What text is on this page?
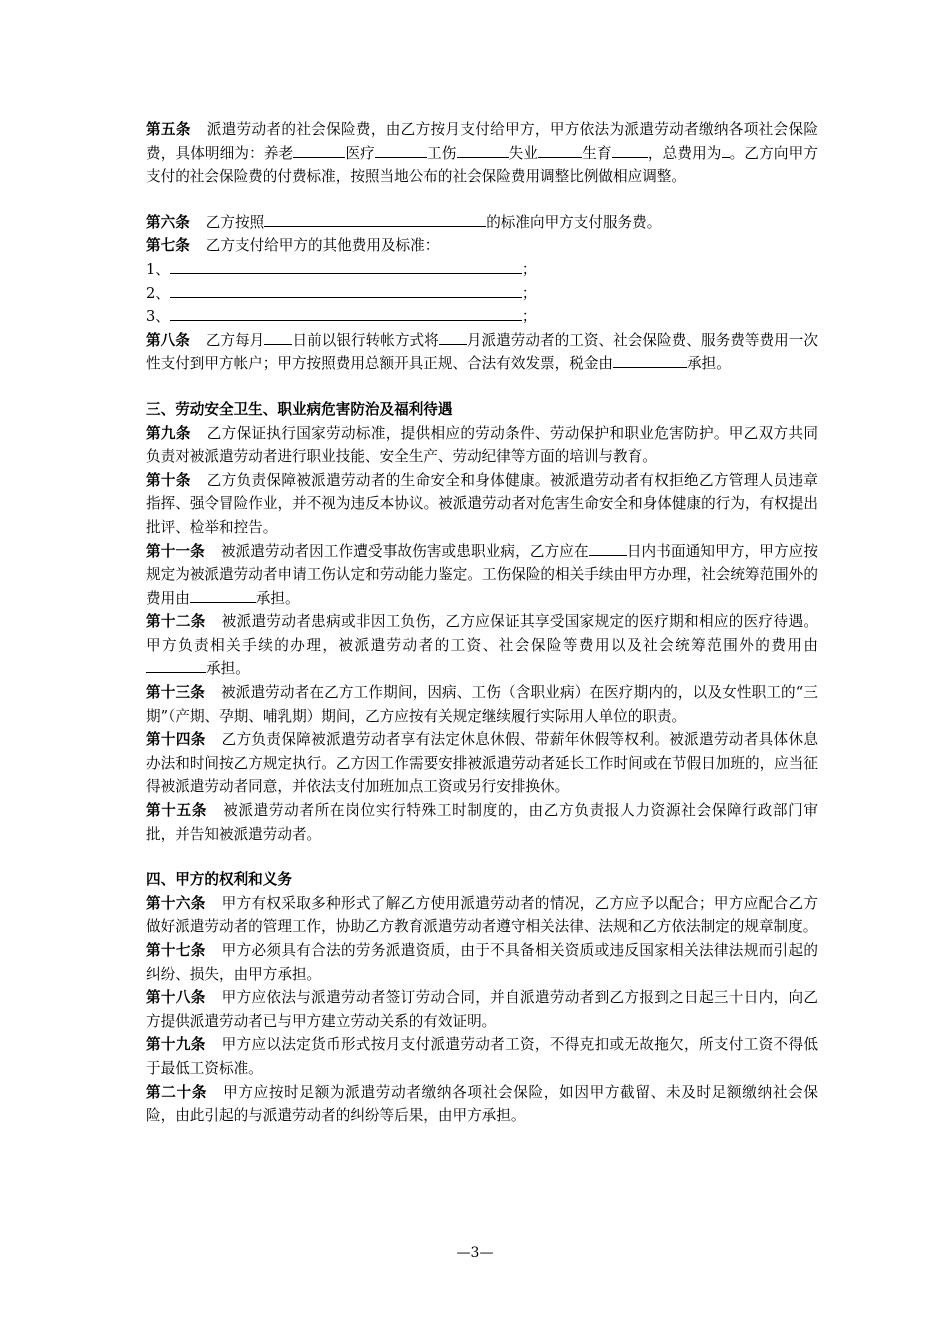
第五条 派遣劳动者的社会保险费，由乙方按月支付给甲方，甲方依法为派遣劳动者缴纳各项社会保险费，具体明细为：养老	医疗	工伤	失业	生育 ，总费用为 。乙方向甲方支付的社会保险费的付费标准，按照当地公布的社会保险费用调整比例做相应调整。

第六条 乙方按照	的标准向甲方支付服务费。

第七条 乙方支付给甲方的其他费用及标准：

1、	；

2、	；

3、	；

第八条 乙方每月 日前以银行转帐方式将 月派遣劳动者的工资、社会保险费、服务费等费用一次性支付到甲方帐户；甲方按照费用总额开具正规、合法有效发票，税金由	承担。

三、劳动安全卫生、职业病危害防治及福利待遇

第九条 乙方保证执行国家劳动标准，提供相应的劳动条件、劳动保护和职业危害防护。甲乙双方共同负责对被派遣劳动者进行职业技能、安全生产、劳动纪律等方面的培训与教育。

第十条 乙方负责保障被派遣劳动者的生命安全和身体健康。被派遣劳动者有权拒绝乙方管理人员违章指挥、强令冒险作业，并不视为违反本协议。被派遣劳动者对危害生命安全和身体健康的行为，有权提出批评、检举和控告。

第十一条 被派遣劳动者因工作遭受事故伤害或患职业病，乙方应在	日内书面通知甲方，甲方应按规定为被派遣劳动者申请工伤认定和劳动能力鉴定。工伤保险的相关手续由甲方办理，社会统筹范围外的费用由	承担。

第十二条 被派遣劳动者患病或非因工负伤，乙方应保证其享受国家规定的医疗期和相应的医疗待遇。甲方负责相关手续的办理，被派遣劳动者的工资、社会保险等费用以及社会统筹范围外的费用由承担。

第十三条 被派遣劳动者在乙方工作期间，因病、工伤（含职业病）在医疗期内的，以及女性职工的“三期”（产期、孕期、哺乳期）期间，乙方应按有关规定继续履行实际用人单位的职责。

第十四条 乙方负责保障被派遣劳动者享有法定休息休假、带薪年休假等权利。被派遣劳动者具体休息办法和时间按乙方规定执行。乙方因工作需要安排被派遣劳动者延长工作时间或在节假日加班的，应当征得被派遣劳动者同意，并依法支付加班加点工资或另行安排换休。

第十五条 被派遣劳动者所在岗位实行特殊工时制度的，由乙方负责报人力资源社会保障行政部门审批，并告知被派遣劳动者。

四、甲方的权利和义务

第十六条 甲方有权采取多种形式了解乙方使用派遣劳动者的情况，乙方应予以配合；甲方应配合乙方做好派遣劳动者的管理工作，协助乙方教育派遣劳动者遵守相关法律、法规和乙方依法制定的规章制度。

第十七条 甲方必须具有合法的劳务派遣资质，由于不具备相关资质或违反国家相关法律法规而引起的纠纷、损失，由甲方承担。

第十八条 甲方应依法与派遣劳动者签订劳动合同，并自派遣劳动者到乙方报到之日起三十日内，向乙方提供派遣劳动者已与甲方建立劳动关系的有效证明。

第十九条 甲方应以法定货币形式按月支付派遣劳动者工资，不得克扣或无故拖欠，所支付工资不得低于最低工资标准。

第二十条 甲方应按时足额为派遣劳动者缴纳各项社会保险，如因甲方截留、未及时足额缴纳社会保险，由此引起的与派遣劳动者的纠纷等后果，由甲方承担。

—3—
